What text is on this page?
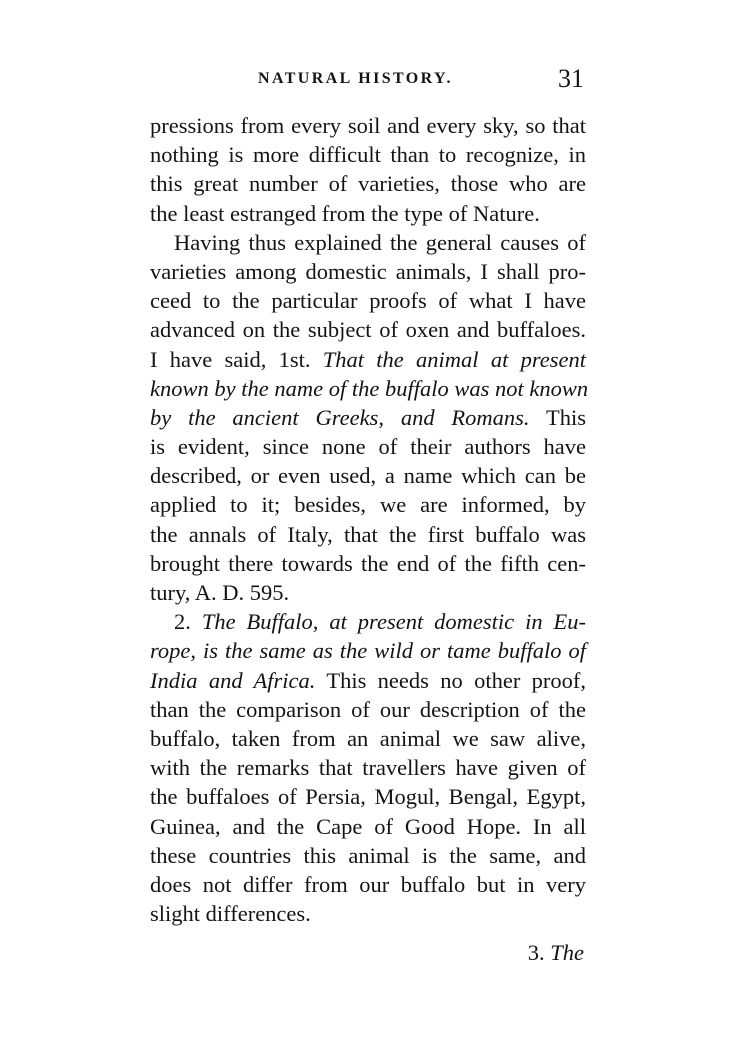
NATURAL HISTORY.	31
pressions from every soil and every sky, so that
nothing is more difficult than to recognize, in
this great number of varieties, those who are
the least estranged from the type of Nature.
Having thus explained the general causes of
varieties among domestic animals, I shall pro-
ceed to the particular proofs of what I have
advanced on the subject of oxen and buffaloes.
I have said, 1st. That the animal at present
known by the name of the buffalo was not known
by the ancient Greeks, and Romans. This
is evident, since none of their authors have
described, or even used, a name which can be
applied to it; besides, we are informed, by
the annals of Italy, that the first buffalo was
brought there towards the end of the fifth cen-
tury, A. D. 595.
2. The Buffalo, at present domestic in Eu-
rope, is the same as the wild or tame buffalo of
India and Africa. This needs no other proof,
than the comparison of our description of the
buffalo, taken from an animal we saw alive,
with the remarks that travellers have given of
the buffaloes of Persia, Mogul, Bengal, Egypt,
Guinea, and the Cape of Good Hope. In all
these countries this animal is the same, and
does not differ from our buffalo but in very
slight differences.
3. The
